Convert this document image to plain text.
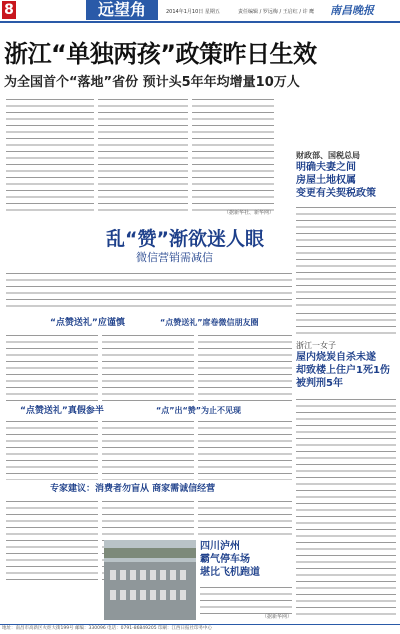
8	远望角	2014年1月10日 星期五	责任编辑 / 罗远梅 / 王启红 / 许 鹰 南昌晚报
浙江“单独两孩”政策昨日生效
为全国首个“落地”省份 预计头5年年均增量10万人
（据新华社、新华网）
财政部、国税总局
明确夫妻之间
房屋土地权属
变更有关契税政策
乱“赞”渐欲迷人眼
微信营销需减信
“点赞送礼”应谨慎	“点赞送礼”席卷微信朋友圈
“点赞送礼”真假参半	“点”出“赞”为止不见现
专家建议：消费者勿盲从 商家需诚信经营
浙江一女子
屋内烧炭自杀未遂
却致楼上住户1死1伤
被判刑5年
四川泸州
霸气停车场
堪比飞机跑道
（据新华网）
地址：南昌市高新区火炬大街199号 邮编：330096 电话：0791-86849205 印刷：江西日报社印务中心
